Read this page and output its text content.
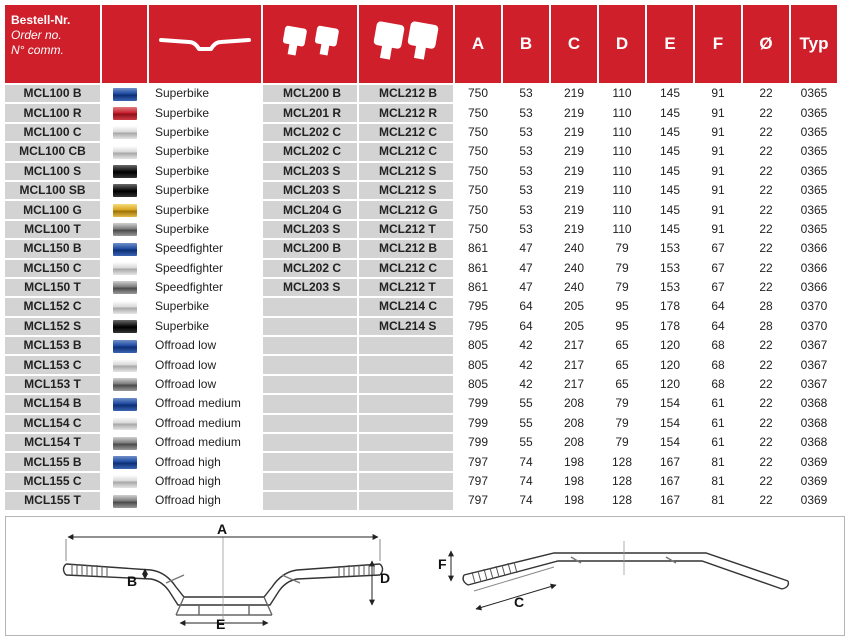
Bestell-Nr.
Order no.
N° comm.					A	B	C	D	E	F	Ø	Typ
MCL100 B		Superbike	MCL200 B	MCL212 B	750	53	219	110	145	91	22	0365
MCL100 R		Superbike	MCL201 R	MCL212 R	750	53	219	110	145	91	22	0365
MCL100 C		Superbike	MCL202 C	MCL212 C	750	53	219	110	145	91	22	0365
MCL100 CB		Superbike	MCL202 C	MCL212 C	750	53	219	110	145	91	22	0365
MCL100 S		Superbike	MCL203 S	MCL212 S	750	53	219	110	145	91	22	0365
MCL100 SB		Superbike	MCL203 S	MCL212 S	750	53	219	110	145	91	22	0365
MCL100 G		Superbike	MCL204 G	MCL212 G	750	53	219	110	145	91	22	0365
MCL100 T		Superbike	MCL203 S	MCL212 T	750	53	219	110	145	91	22	0365
MCL150 B		Speedfighter	MCL200 B	MCL212 B	861	47	240	79	153	67	22	0366
MCL150 C		Speedfighter	MCL202 C	MCL212 C	861	47	240	79	153	67	22	0366
MCL150 T		Speedfighter	MCL203 S	MCL212 T	861	47	240	79	153	67	22	0366
MCL152 C		Superbike		MCL214 C	795	64	205	95	178	64	28	0370
MCL152 S		Superbike		MCL214 S	795	64	205	95	178	64	28	0370
MCL153 B		Offroad low			805	42	217	65	120	68	22	0367
MCL153 C		Offroad low			805	42	217	65	120	68	22	0367
MCL153 T		Offroad low			805	42	217	65	120	68	22	0367
MCL154 B		Offroad medium			799	55	208	79	154	61	22	0368
MCL154 C		Offroad medium			799	55	208	79	154	61	22	0368
MCL154 T		Offroad medium			799	55	208	79	154	61	22	0368
MCL155 B		Offroad high			797	74	198	128	167	81	22	0369
MCL155 C		Offroad high			797	74	198	128	167	81	22	0369
MCL155 T		Offroad high			797	74	198	128	167	81	22	0369
A
B	D
E
F
C
